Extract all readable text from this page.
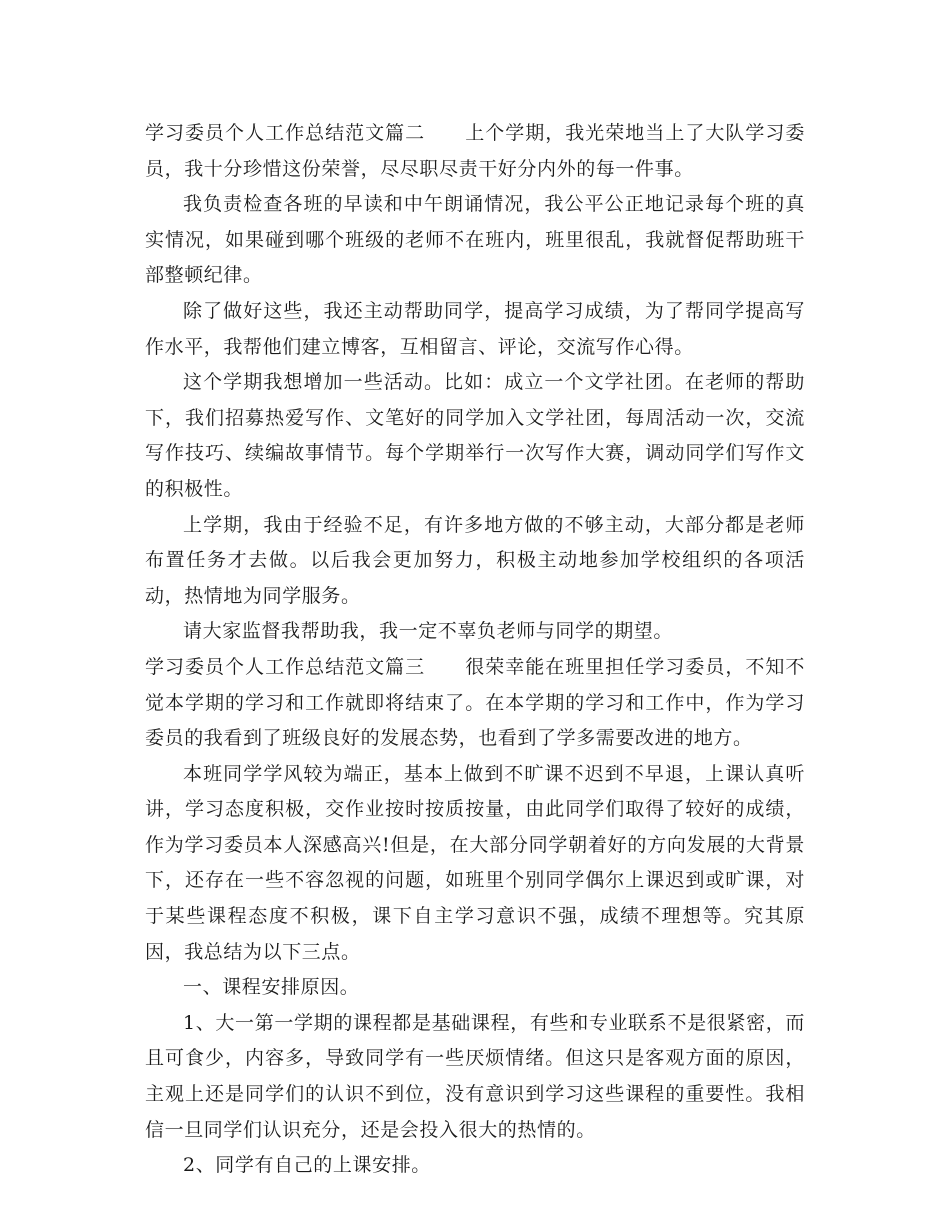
学习委员个人工作总结范文篇二　　上个学期，我光荣地当上了大队学习委员，我十分珍惜这份荣誉，尽尽职尽责干好分内外的每一件事。

我负责检查各班的早读和中午朗诵情况，我公平公正地记录每个班的真实情况，如果碰到哪个班级的老师不在班内，班里很乱，我就督促帮助班干部整顿纪律。

除了做好这些，我还主动帮助同学，提高学习成绩，为了帮同学提高写作水平，我帮他们建立博客，互相留言、评论，交流写作心得。

这个学期我想增加一些活动。比如：成立一个文学社团。在老师的帮助下，我们招募热爱写作、文笔好的同学加入文学社团，每周活动一次，交流写作技巧、续编故事情节。每个学期举行一次写作大赛，调动同学们写作文的积极性。

上学期，我由于经验不足，有许多地方做的不够主动，大部分都是老师布置任务才去做。以后我会更加努力，积极主动地参加学校组织的各项活动，热情地为同学服务。

请大家监督我帮助我，我一定不辜负老师与同学的期望。

学习委员个人工作总结范文篇三　　很荣幸能在班里担任学习委员，不知不觉本学期的学习和工作就即将结束了。在本学期的学习和工作中，作为学习委员的我看到了班级良好的发展态势，也看到了学多需要改进的地方。

本班同学学风较为端正，基本上做到不旷课不迟到不早退，上课认真听讲，学习态度积极，交作业按时按质按量，由此同学们取得了较好的成绩，作为学习委员本人深感高兴!但是，在大部分同学朝着好的方向发展的大背景下，还存在一些不容忽视的问题，如班里个别同学偶尔上课迟到或旷课，对于某些课程态度不积极，课下自主学习意识不强，成绩不理想等。究其原因，我总结为以下三点。

一、课程安排原因。

1、大一第一学期的课程都是基础课程，有些和专业联系不是很紧密，而且可食少，内容多，导致同学有一些厌烦情绪。但这只是客观方面的原因，主观上还是同学们的认识不到位，没有意识到学习这些课程的重要性。我相信一旦同学们认识充分，还是会投入很大的热情的。

2、同学有自己的上课安排。
